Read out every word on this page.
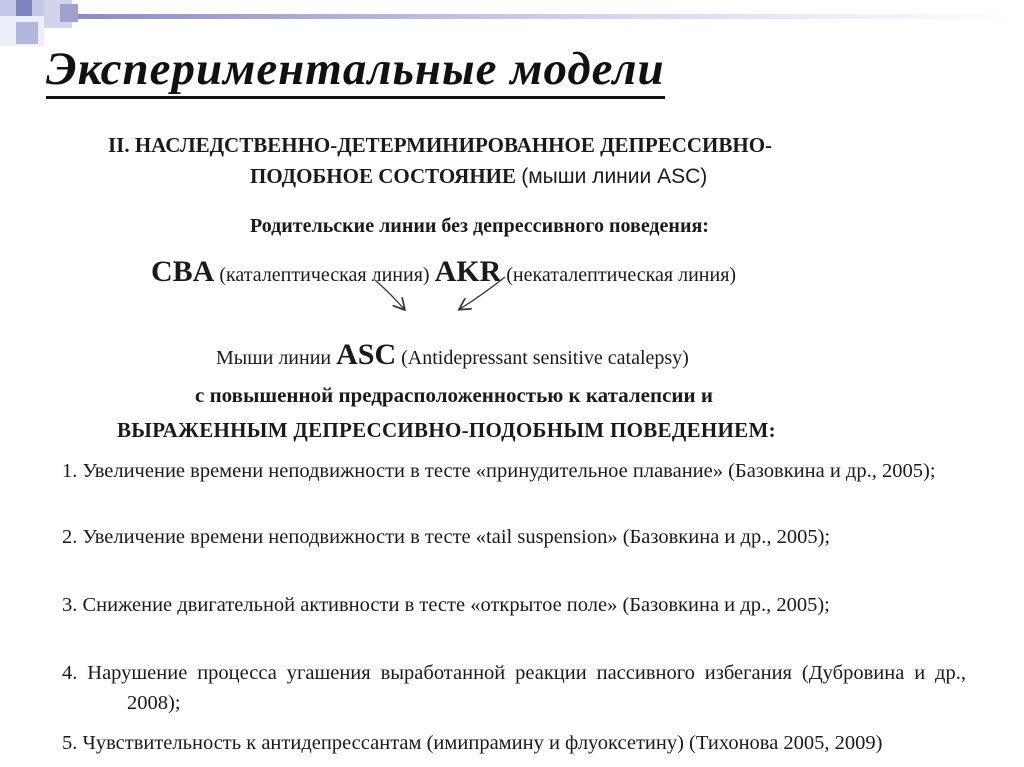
Экспериментальные модели
II. НАСЛЕДСТВЕННО-ДЕТЕРМИНИРОВАННОЕ ДЕПРЕССИВНО-
ПОДОБНОЕ СОСТОЯНИЕ (мыши линии ASC)
Родительские линии без депрессивного поведения:
CBA (каталептическая линия) AKR (некаталептическая линия)
Мыши линии ASC (Antidepressant sensitive catalepsy)
с повышенной предрасположенностью к каталепсии и
ВЫРАЖЕННЫМ ДЕПРЕССИВНО-ПОДОБНЫМ ПОВЕДЕНИЕМ:
1. Увеличение времени неподвижности в тесте «принудительное плавание» (Базовкина и др., 2005);
2. Увеличение времени неподвижности в тесте «tail suspension» (Базовкина и др., 2005);
3. Снижение двигательной активности в тесте «открытое поле» (Базовкина и др., 2005);
4. Нарушение процесса угашения выработанной реакции пассивного избегания (Дубровина и др., 2008);
5. Чувствительность к антидепрессантам (имипрамину и флуоксетину) (Тихонова 2005, 2009)
